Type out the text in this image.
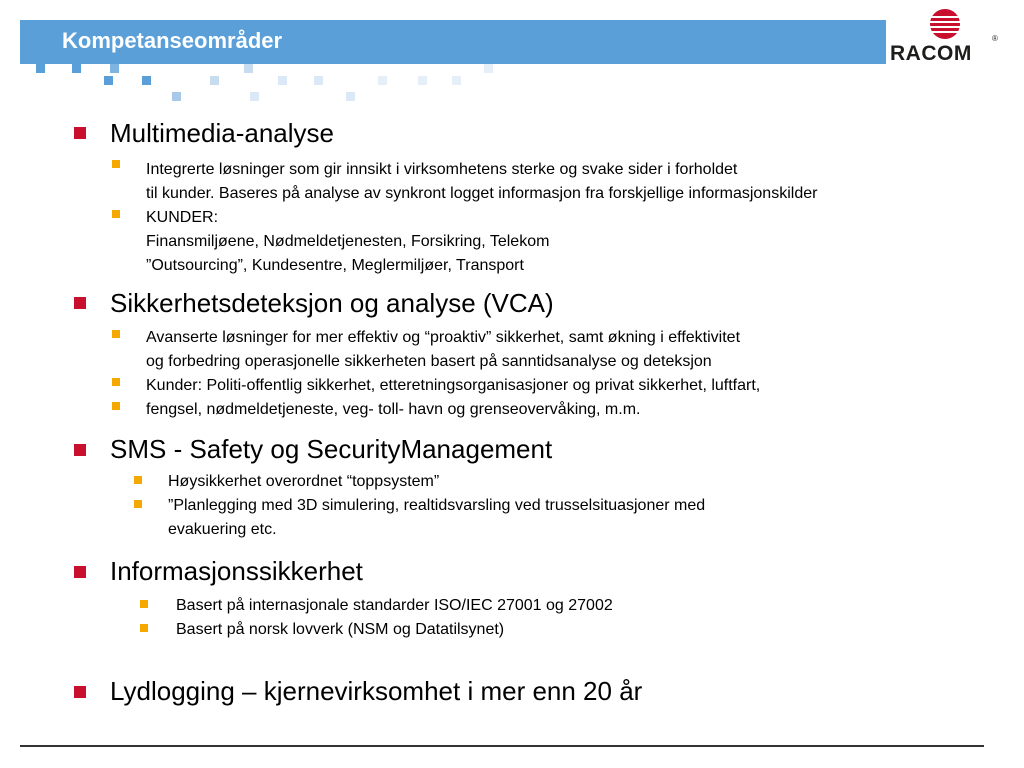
Kompetanseområder
RACOM
®
Multimedia-analyse
Integrerte løsninger som gir innsikt i virksomhetens sterke og svake sider i forholdet
til kunder. Baseres på analyse av synkront logget informasjon fra forskjellige informasjonskilder
KUNDER:
Finansmiljøene, Nødmeldetjenesten, Forsikring, Telekom
”Outsourcing”, Kundesentre, Meglermiljøer, Transport
Sikkerhetsdeteksjon og analyse (VCA)
Avanserte løsninger for mer effektiv og “proaktiv” sikkerhet, samt økning i effektivitet
og forbedring operasjonelle sikkerheten basert på sanntidsanalyse og deteksjon
Kunder: Politi-offentlig sikkerhet, etteretningsorganisasjoner og privat sikkerhet, luftfart,
fengsel, nødmeldetjeneste, veg- toll- havn og grenseovervåking, m.m.
SMS - Safety og SecurityManagement
Høysikkerhet overordnet “toppsystem”
”Planlegging med 3D simulering, realtidsvarsling ved trusselsituasjoner med
evakuering etc.
Informasjonssikkerhet
Basert på internasjonale standarder ISO/IEC 27001 og 27002
Basert på norsk lovverk (NSM og Datatilsynet)
Lydlogging – kjernevirksomhet i mer enn 20 år
